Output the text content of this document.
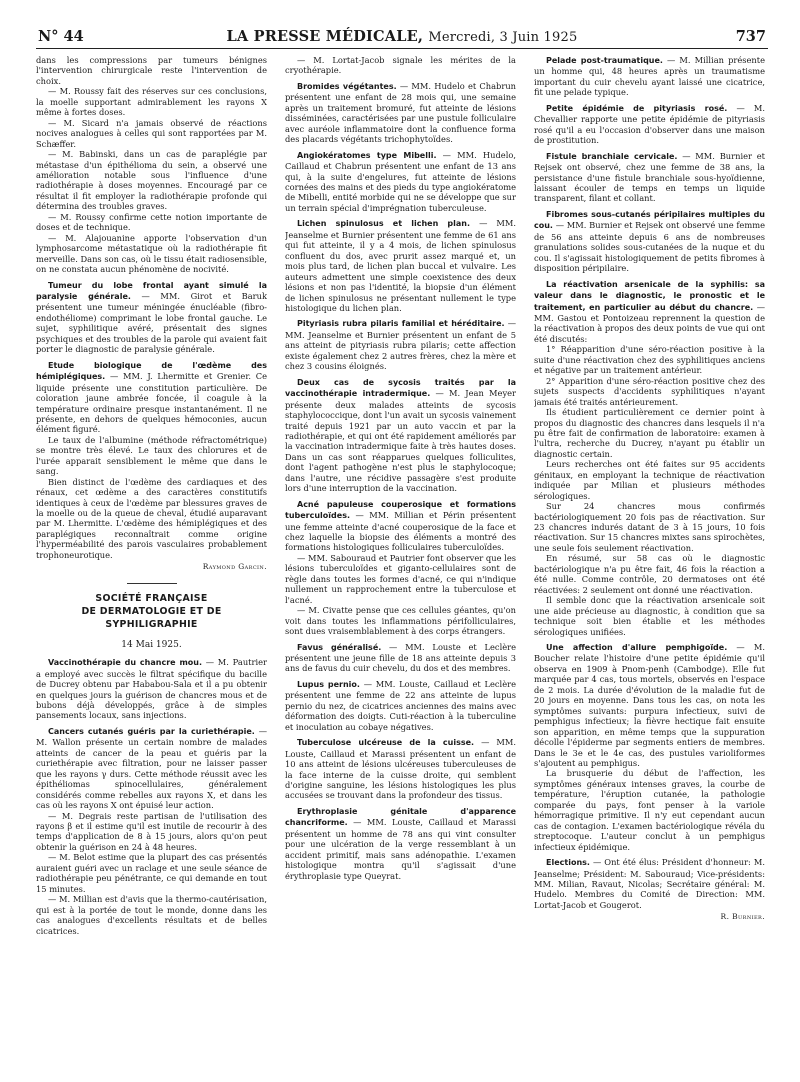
N° 44	LA PRESSE MÉDICALE, Mercredi, 3 Juin 1925	737

dans les compressions par tumeurs bénignes l'intervention chirurgicale reste l'intervention de choix.

— M. Roussy fait des réserves sur ces conclusions, la moelle supportant admirablement les rayons X même à fortes doses.

— M. Sicard n'a jamais observé de réactions nocives analogues à celles qui sont rapportées par M. Schæffer.

— M. Babinski, dans un cas de paraplégie par métastase d'un épithélioma du sein, a observé une amélioration notable sous l'influence d'une radiothérapie à doses moyennes. Encouragé par ce résultat il fit employer la radiothérapie profonde qui détermina des troubles graves.

— M. Roussy confirme cette notion importante de doses et de technique.

— M. Alajouanine apporte l'observation d'un lymphosarcome métastatique où la radiothérapie fit merveille. Dans son cas, où le tissu était radiosensible, on ne constata aucun phénomène de nocivité.

Tumeur du lobe frontal ayant simulé la paralysie générale. — MM. Girot et Baruk présentent une tumeur méningée énucléable (fibro-endothéliome) comprimant le lobe frontal gauche. Le sujet, syphilitique avéré, présentait des signes psychiques et des troubles de la parole qui avaient fait porter le diagnostic de paralysie générale.

Etude biologique de l'œdème des hémiplégiques. — MM. J. Lhermitte et Grenier. Ce liquide présente une constitution particulière. De coloration jaune ambrée foncée, il coagule à la température ordinaire presque instantanément. Il ne présente, en dehors de quelques hémoconies, aucun élément figuré.

Le taux de l'albumine (méthode réfractométrique) se montre très élevé. Le taux des chlorures et de l'urée apparait sensiblement le même que dans le sang.

Bien distinct de l'œdème des cardiaques et des rénaux, cet œdème a des caractères constitutifs identiques à ceux de l'œdème par blessures graves de la moelle ou de la queue de cheval, étudié auparavant par M. Lhermitte. L'œdème des hémiplégiques et des paraplégiques reconnaîtrait comme origine l'hyperméabilité des parois vasculaires probablement trophoneurotique.

Raymond Garcin.
SOCIÉTÉ FRANÇAISE
DE DERMATOLOGIE ET DE SYPHILIGRAPHIE
14 Mai 1925.

Vaccinothérapie du chancre mou. — M. Pautrier a employé avec succès le filtrat spécifique du bacille de Ducrey obtenu par Hababou-Sala et il a pu obtenir en quelques jours la guérison de chancres mous et de bubons déjà développés, grâce à de simples pansements locaux, sans injections.

Cancers cutanés guéris par la curiethérapie. — M. Wallon présente un certain nombre de malades atteints de cancer de la peau et guéris par la curiethérapie avec filtration, pour ne laisser passer que les rayons γ durs. Cette méthode réussit avec les épithéliomas spinocellulaires, généralement considérés comme rebelles aux rayons X, et dans les cas où les rayons X ont épuisé leur action.

— M. Degrais reste partisan de l'utilisation des rayons β et il estime qu'il est inutile de recourir à des temps d'application de 8 à 15 jours, alors qu'on peut obtenir la guérison en 24 à 48 heures.

— M. Belot estime que la plupart des cas présentés auraient guéri avec un raclage et une seule séance de radiothérapie peu pénétrante, ce qui demande en tout 15 minutes.

— M. Millian est d'avis que la thermo-cautérisation, qui est à la portée de tout le monde, donne dans les cas analogues d'excellents résultats et de belles cicatrices.

— M. Lortat-Jacob signale les mérites de la cryothérapie.

Bromides végétantes. — MM. Hudelo et Chabrun présentent une enfant de 28 mois qui, une semaine après un traitement bromuré, fut atteinte de lésions disséminées, caractérisées par une pustule folliculaire avec auréole inflammatoire dont la confluence forma des placards végétants trichophytoïdes.

Angiokératomes type Mibelli. — MM. Hudelo, Caillaud et Chabrun présentent une enfant de 13 ans qui, à la suite d'engelures, fut atteinte de lésions cornées des mains et des pieds du type angiokératome de Mibelli, entité morbide qui ne se développe que sur un terrain spécial d'imprégnation tuberculeuse.

Lichen spinulosus et lichen plan. — MM. Jeanselme et Burnier présentent une femme de 61 ans qui fut atteinte, il y a 4 mois, de lichen spinulosus confluent du dos, avec prurit assez marqué et, un mois plus tard, de lichen plan buccal et vulvaire. Les auteurs admettent une simple coexistence des deux lésions et non pas l'identité, la biopsie d'un élément de lichen spinulosus ne présentant nullement le type histologique du lichen plan.

Pityriasis rubra pilaris familial et héréditaire. — MM. Jeanselme et Burnier présentent un enfant de 5 ans atteint de pityriasis rubra pilaris; cette affection existe également chez 2 autres frères, chez la mère et chez 3 cousins éloignés.

Deux cas de sycosis traités par la vaccinothérapie intradermique. — M. Jean Meyer présente deux malades atteints de sycosis staphylococcique, dont l'un avait un sycosis vainement traité depuis 1921 par un auto vaccin et par la radiothérapie, et qui ont été rapidement améliorés par la vaccination intradermique faite à très hautes doses. Dans un cas sont réapparues quelques folliculites, dont l'agent pathogène n'est plus le staphylocoque; dans l'autre, une récidive passagère s'est produite lors d'une interruption de la vaccination.

Acné papuleuse couperosique et formations tuberculoïdes. — MM. Millian et Périn présentent une femme atteinte d'acné couperosique de la face et chez laquelle la biopsie des éléments a montré des formations histologiques folliculaires tuberculoïdes.

— MM. Sabouraud et Pautrier font observer que les lésions tuberculoïdes et giganto-cellulaires sont de règle dans toutes les formes d'acné, ce qui n'indique nullement un rapprochement entre la tuberculose et l'acné.

— M. Civatte pense que ces cellules géantes, qu'on voit dans toutes les inflammations périfolliculaires, sont dues vraisemblablement à des corps étrangers.

Favus généralisé. — MM. Louste et Leclère présentent une jeune fille de 18 ans atteinte depuis 3 ans de favus du cuir chevelu, du dos et des membres.

Lupus pernio. — MM. Louste, Caillaud et Leclère présentent une femme de 22 ans atteinte de lupus pernio du nez, de cicatrices anciennes des mains avec déformation des doigts. Cuti-réaction à la tuberculine et inoculation au cobaye négatives.

Tuberculose ulcéreuse de la cuisse. — MM. Louste, Caillaud et Marassi présentent un enfant de 10 ans atteint de lésions ulcéreuses tuberculeuses de la face interne de la cuisse droite, qui semblent d'origine sanguine, les lésions histologiques les plus accusées se trouvant dans la profondeur des tissus.

Erythroplasie génitale d'apparence chancriforme. — MM. Louste, Caillaud et Marassi présentent un homme de 78 ans qui vint consulter pour une ulcération de la verge ressemblant à un accident primitif, mais sans adénopathie. L'examen histologique montra qu'il s'agissait d'une érythroplasie type Queyrat.

Pelade post-traumatique. — M. Millian présente un homme qui, 48 heures après un traumatisme important du cuir chevelu ayant laissé une cicatrice, fit une pelade typique.

Petite épidémie de pityriasis rosé. — M. Chevallier rapporte une petite épidémie de pityriasis rosé qu'il a eu l'occasion d'observer dans une maison de prostitution.

Fistule branchiale cervicale. — MM. Burnier et Rejsek ont observé, chez une femme de 38 ans, la persistance d'une fistule branchiale sous-hyoïdienne, laissant écouler de temps en temps un liquide transparent, filant et collant.

Fibromes sous-cutanés péripilaires multiples du cou. — MM. Burnier et Rejsek ont observé une femme de 56 ans atteinte depuis 6 ans de nombreuses granulations solides sous-cutanées de la nuque et du cou. Il s'agissait histologiquement de petits fibromes à disposition péripilaire.

La réactivation arsenicale de la syphilis: sa valeur dans le diagnostic, le pronostic et le traitement, en particulier au début du chancre. — MM. Gastou et Pontoizeau reprennent la question de la réactivation à propos des deux points de vue qui ont été discutés:

1° Réapparition d'une séro-réaction positive à la suite d'une réactivation chez des syphilitiques anciens et négative par un traitement antérieur.

2° Apparition d'une séro-réaction positive chez des sujets suspects d'accidents syphilitiques n'ayant jamais été traités antérieurement.

Ils étudient particulièrement ce dernier point à propos du diagnostic des chancres dans lesquels il n'a pu être fait de confirmation de laboratoire: examen à l'ultra, recherche du Ducrey, n'ayant pu établir un diagnostic certain.

Leurs recherches ont été faites sur 95 accidents génitaux, en employant la technique de réactivation indiquée par Milian et plusieurs méthodes sérologiques.

Sur 24 chancres mous confirmés bactériologiquement 20 fois pas de réactivation. Sur 23 chancres indurés datant de 3 à 15 jours, 10 fois réactivation. Sur 15 chancres mixtes sans spirochètes, une seule fois seulement réactivation.

En résumé, sur 58 cas où le diagnostic bactériologique n'a pu être fait, 46 fois la réaction a été nulle. Comme contrôle, 20 dermatoses ont été réactivées: 2 seulement ont donné une réactivation.

Il semble donc que la réactivation arsenicale soit une aide précieuse au diagnostic, à condition que sa technique soit bien établie et les méthodes sérologiques unifiées.

Une affection d'allure pemphigoïde. — M. Boucher relate l'histoire d'une petite épidémie qu'il observa en 1909 à Pnom-penh (Cambodge). Elle fut marquée par 4 cas, tous mortels, observés en l'espace de 2 mois. La durée d'évolution de la maladie fut de 20 jours en moyenne. Dans tous les cas, on nota les symptômes suivants: purpura infectieux, suivi de pemphigus infectieux; la fièvre hectique fait ensuite son apparition, en même temps que la suppuration décolle l'épiderme par segments entiers de membres. Dans le 3e et le 4e cas, des pustules varioliformes s'ajoutent au pemphigus.

La brusquerie du début de l'affection, les symptômes généraux intenses graves, la courbe de température, l'éruption cutanée, la pathologie comparée du pays, font penser à la variole hémorragique primitive. Il n'y eut cependant aucun cas de contagion. L'examen bactériologique révéla du streptocoque. L'auteur conclut à un pemphigus infectieux épidémique.

Elections. — Ont été élus: Président d'honneur: M. Jeanselme; Président: M. Sabouraud; Vice-présidents: MM. Milian, Ravaut, Nicolas; Secrétaire général: M. Hudelo. Membres du Comité de Direction: MM. Lortat-Jacob et Gougerot.

R. Burnier.
